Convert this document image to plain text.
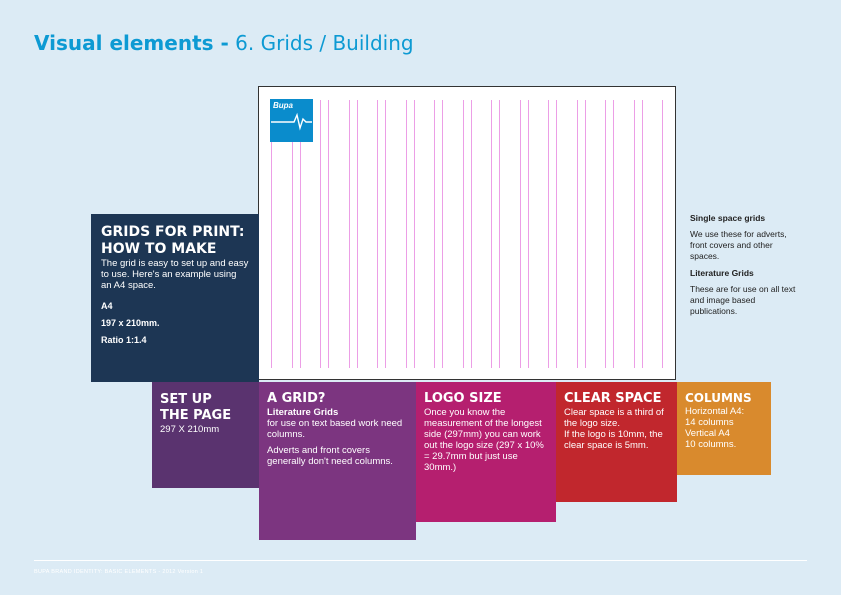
Visual elements - 6. Grids / Building
Bupa
Single space grids

We use these for adverts, front covers and other spaces.

Literature Grids

These are for use on all text and image based publications.

GRIDS FOR PRINT:
HOW TO MAKE
The grid is easy to set up and easy to use. Here's an example using an A4 space.
A4
197 x 210mm.
Ratio 1:1.4
SET UP
THE PAGE
297 X 210mm
A GRID?
Literature Grids
for use on text based work need columns.
Adverts and front covers generally don't need columns.
LOGO SIZE
Once you know the measurement of the longest side (297mm) you can work out the logo size (297 x 10% = 29.7mm but just use 30mm.)
CLEAR SPACE
Clear space is a third of the logo size.
If the logo is 10mm, the clear space is 5mm.
COLUMNS
Horizontal A4:
14 columns
Vertical A4
10 columns.
BUPA BRAND IDENTITY: BASIC ELEMENTS - 2012 Version 1
